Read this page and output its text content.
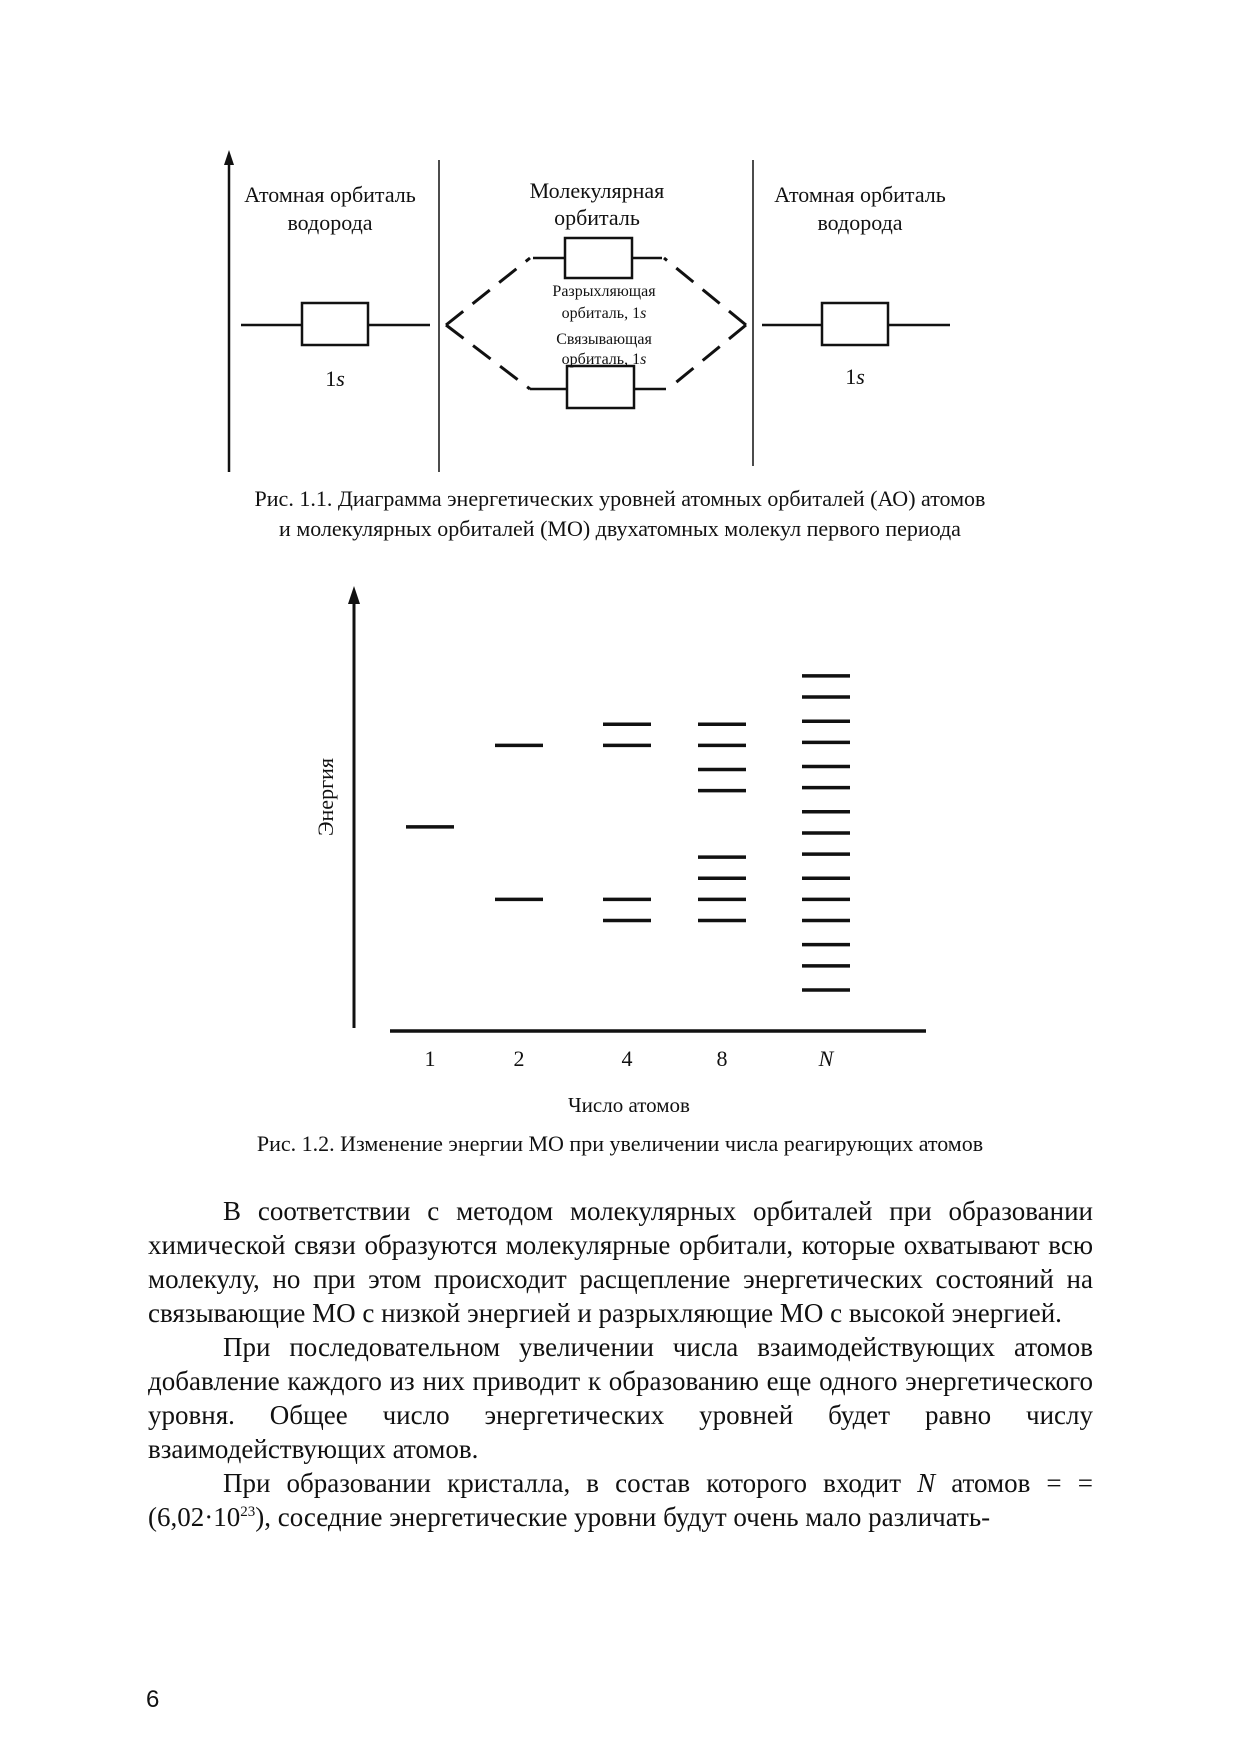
Атомная орбиталь
водорода
Молекулярная
орбиталь
Атомная орбиталь
водорода
1s	1s
Разрыхляющая
орбиталь, 1s
Связывающая
орбиталь, 1s
Рис. 1.1. Диаграмма энергетических уровней атомных орбиталей (АО) атомов
и молекулярных орбиталей (МО) двухатомных молекул первого периода
Энергия
1	2	4	8	N
Число атомов
Рис. 1.2. Изменение энергии МО при увеличении числа реагирующих атомов

В соответствии с методом молекулярных орбиталей при образовании химической связи образуются молекулярные орбитали, которые охватывают всю молекулу, но при этом происходит расщепление энергетических состояний на связывающие МО с низкой энергией и разрыхляющие МО с высокой энергией.

При последовательном увеличении числа взаимодействующих атомов добавление каждого из них приводит к образованию еще одного энергетического уровня. Общее число энергетических уровней будет равно числу взаимодействующих атомов.

При образовании кристалла, в состав которого входит N атомов = = $(6,02\cdot 10^{23})$, соседние энергетические уровни будут очень мало различать-

6
